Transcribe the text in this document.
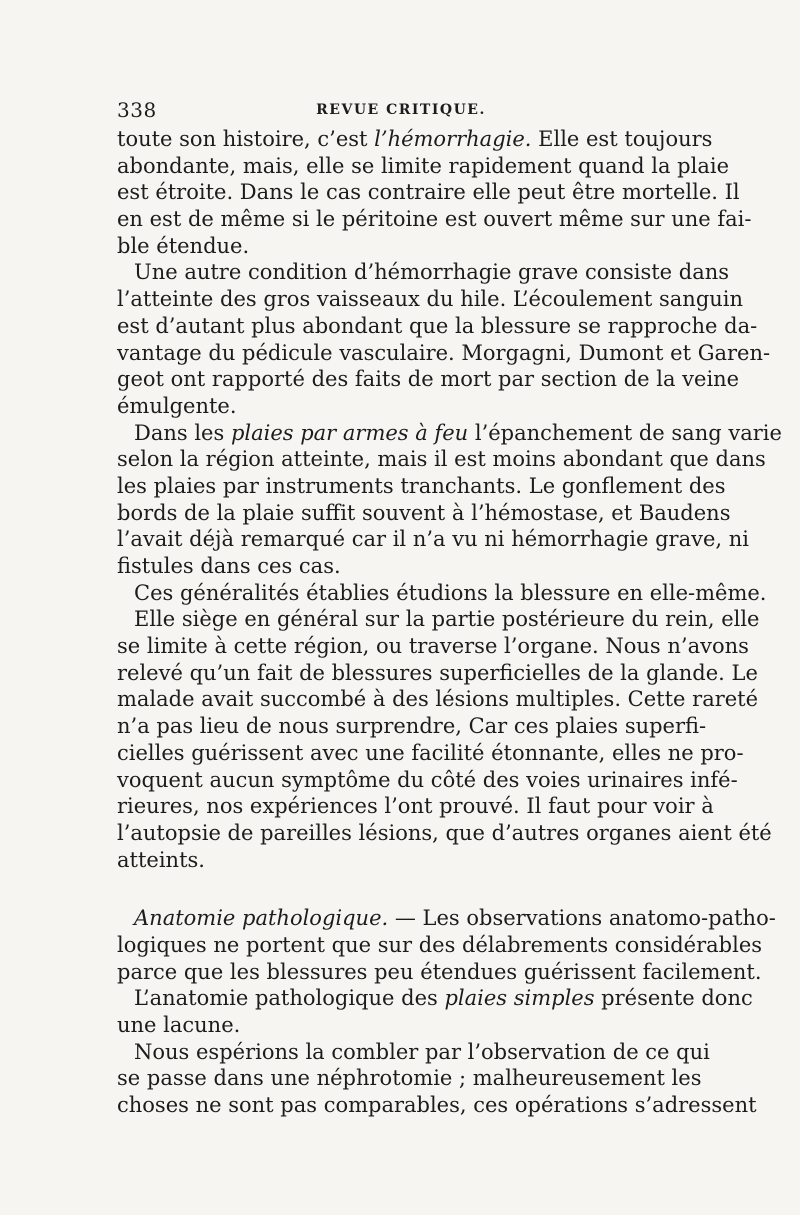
338	REVUE CRITIQUE.
toute son histoire, c’est l’hémorrhagie. Elle est toujours
abondante, mais, elle se limite rapidement quand la plaie
est étroite. Dans le cas contraire elle peut être mortelle. Il
en est de même si le péritoine est ouvert même sur une fai-
ble étendue.
Une autre condition d’hémorrhagie grave consiste dans
l’atteinte des gros vaisseaux du hile. L’écoulement sanguin
est d’autant plus abondant que la blessure se rapproche da-
vantage du pédicule vasculaire. Morgagni, Dumont et Garen-
geot ont rapporté des faits de mort par section de la veine
émulgente.
Dans les plaies par armes à feu l’épanchement de sang varie
selon la région atteinte, mais il est moins abondant que dans
les plaies par instruments tranchants. Le gonflement des
bords de la plaie suffit souvent à l’hémostase, et Baudens
l’avait déjà remarqué car il n’a vu ni hémorrhagie grave, ni
fistules dans ces cas.
Ces généralités établies étudions la blessure en elle-même.
Elle siège en général sur la partie postérieure du rein, elle
se limite à cette région, ou traverse l’organe. Nous n’avons
relevé qu’un fait de blessures superficielles de la glande. Le
malade avait succombé à des lésions multiples. Cette rareté
n’a pas lieu de nous surprendre, Car ces plaies superfi-
cielles guérissent avec une facilité étonnante, elles ne pro-
voquent aucun symptôme du côté des voies urinaires infé-
rieures, nos expériences l’ont prouvé. Il faut pour voir à
l’autopsie de pareilles lésions, que d’autres organes aient été
atteints.
Anatomie pathologique. — Les observations anatomo-patho-
logiques ne portent que sur des délabrements considérables
parce que les blessures peu étendues guérissent facilement.
L’anatomie pathologique des plaies simples présente donc
une lacune.
Nous espérions la combler par l’observation de ce qui
se passe dans une néphrotomie ; malheureusement les
choses ne sont pas comparables, ces opérations s’adressent
